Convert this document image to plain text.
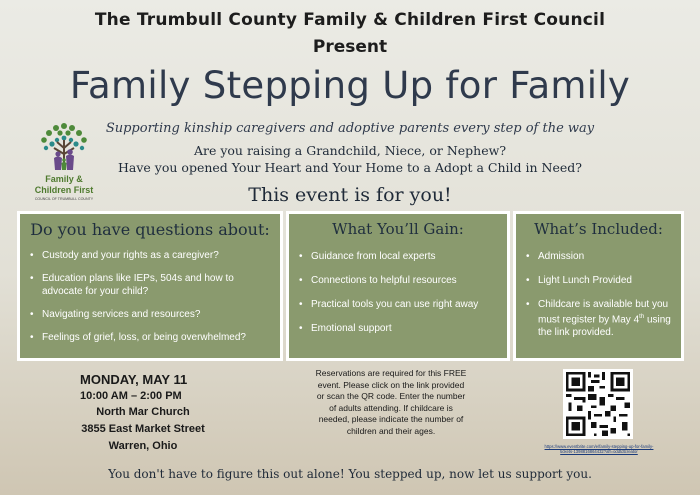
The Trumbull County Family & Children First Council
Present
Family Stepping Up for Family
Supporting kinship caregivers and adoptive parents every step of the way
Are you raising a Grandchild, Niece, or Nephew?
Have you opened Your Heart and Your Home to a Adopt a Child in Need?
This event is for you!
Family &
Children First
COUNCIL OF TRUMBULL COUNTY
Do you have questions about:
• Custody and your rights as a caregiver?
• Education plans like IEPs, 504s and how to advocate for your child?
• Navigating services and resources?
• Feelings of grief, loss, or being overwhelmed?
What You’ll Gain:
• Guidance from local experts
• Connections to helpful resources
• Practical tools you can use right away
• Emotional support
What’s Included:
• Admission
• Light Lunch Provided
• Childcare is available but you must register by May 4th using the link provided.
MONDAY, MAY 11
10:00 AM – 2:00 PM
North Mar Church
3855 East Market Street
Warren, Ohio
Reservations are required for this FREE event. Please click on the link provided or scan the QR code. Enter the number of adults attending. If childcare is needed, please indicate the number of children and their ages.
https://www.eventbrite.com/e/family-stepping-up-for-family-tickets-1398816864432?aff=oddtdtcreator
You don't have to figure this out alone! You stepped up, now let us support you.
